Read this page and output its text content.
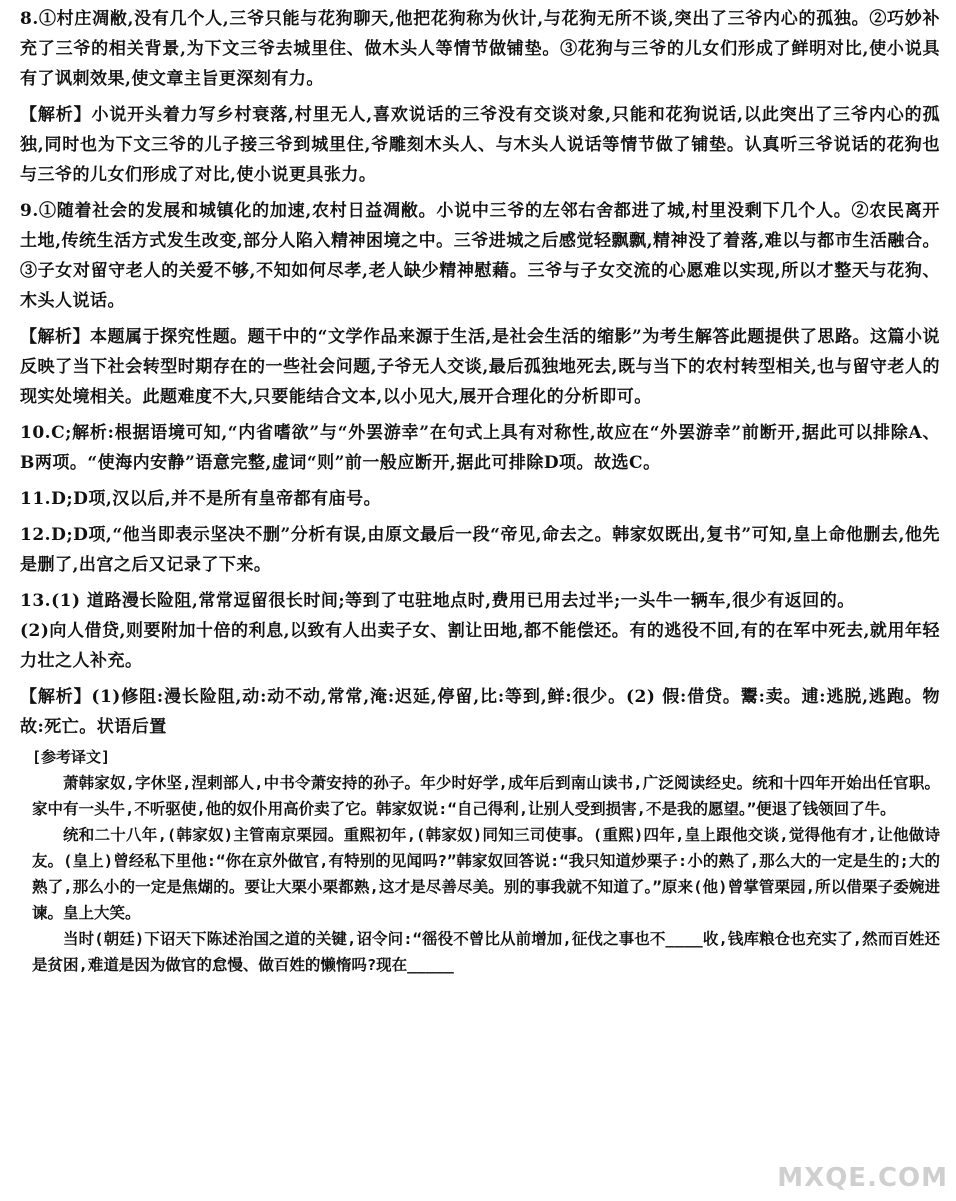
8.①村庄凋敝,没有几个人,三爷只能与花狗聊天,他把花狗称为伙计,与花狗无所不谈,突出了三爷内心的孤独。②巧妙补充了三爷的相关背景,为下文三爷去城里住、做木头人等情节做铺垫。③花狗与三爷的儿女们形成了鲜明对比,使小说具有了讽刺效果,使文章主旨更深刻有力。

【解析】小说开头着力写乡村衰落,村里无人,喜欢说话的三爷没有交谈对象,只能和花狗说话,以此突出了三爷内心的孤独,同时也为下文三爷的儿子接三爷到城里住,爷雕刻木头人、与木头人说话等情节做了铺垫。认真听三爷说话的花狗也与三爷的儿女们形成了对比,使小说更具张力。

9.①随着社会的发展和城镇化的加速,农村日益凋敝。小说中三爷的左邻右舍都进了城,村里没剩下几个人。②农民离开土地,传统生活方式发生改变,部分人陷入精神困境之中。三爷进城之后感觉轻飘飘,精神没了着落,难以与都市生活融合。③子女对留守老人的关爱不够,不知如何尽孝,老人缺少精神慰藉。三爷与子女交流的心愿难以实现,所以才整天与花狗、木头人说话。

【解析】本题属于探究性题。题干中的“文学作品来源于生活,是社会生活的缩影”为考生解答此题提供了思路。这篇小说反映了当下社会转型时期存在的一些社会问题,子爷无人交谈,最后孤独地死去,既与当下的农村转型相关,也与留守老人的现实处境相关。此题难度不大,只要能结合文本,以小见大,展开合理化的分析即可。

10.C;解析:根据语境可知,“内省嗜欲”与“外罢游幸”在句式上具有对称性,故应在“外罢游幸”前断开,据此可以排除A、B两项。“使海内安静”语意完整,虚词“则”前一般应断开,据此可排除D项。故选C。

11.D;D项,汉以后,并不是所有皇帝都有庙号。

12.D;D项,“他当即表示坚决不删”分析有误,由原文最后一段“帝见,命去之。韩家奴既出,复书”可知,皇上命他删去,他先是删了,出宫之后又记录了下来。

13.(1) 道路漫长险阻,常常逗留很长时间;等到了屯驻地点时,费用已用去过半;一头牛一辆车,很少有返回的。

(2)向人借贷,则要附加十倍的利息,以致有人出卖子女、割让田地,都不能偿还。有的逃役不回,有的在军中死去,就用年轻力壮之人补充。

【解析】(1)修阻:漫长险阻,动:动不动,常常,淹:迟延,停留,比:等到,鲜:很少。(2) 假:借贷。鬻:卖。逋:逃脱,逃跑。物故:死亡。状语后置

[参考译文]

萧韩家奴,字休坚,涅剌部人,中书令萧安持的孙子。年少时好学,成年后到南山读书,广泛阅读经史。统和十四年开始出任官职。家中有一头牛,不听驱使,他的奴仆用高价卖了它。韩家奴说:“自己得利,让别人受到损害,不是我的愿望。”便退了钱领回了牛。

统和二十八年,(韩家奴)主管南京栗园。重熙初年,(韩家奴)同知三司使事。(重熙)四年,皇上跟他交谈,觉得他有才,让他做诗友。(皇上)曾经私下里他:“你在京外做官,有特别的见闻吗?”韩家奴回答说:“我只知道炒栗子:小的熟了,那么大的一定是生的;大的熟了,那么小的一定是焦煳的。要让大栗小栗都熟,这才是尽善尽美。别的事我就不知道了。”原来(他)曾掌管栗园,所以借栗子委婉进谏。皇上大笑。

当时(朝廷)下诏天下陈述治国之道的关键,诏令问:“徭役不曾比从前增加,征伐之事也不____收,钱库粮仓也充实了,然而百姓还是贫困,难道是因为做官的怠慢、做百姓的懒惰吗?现在_____

MXQE.COM
